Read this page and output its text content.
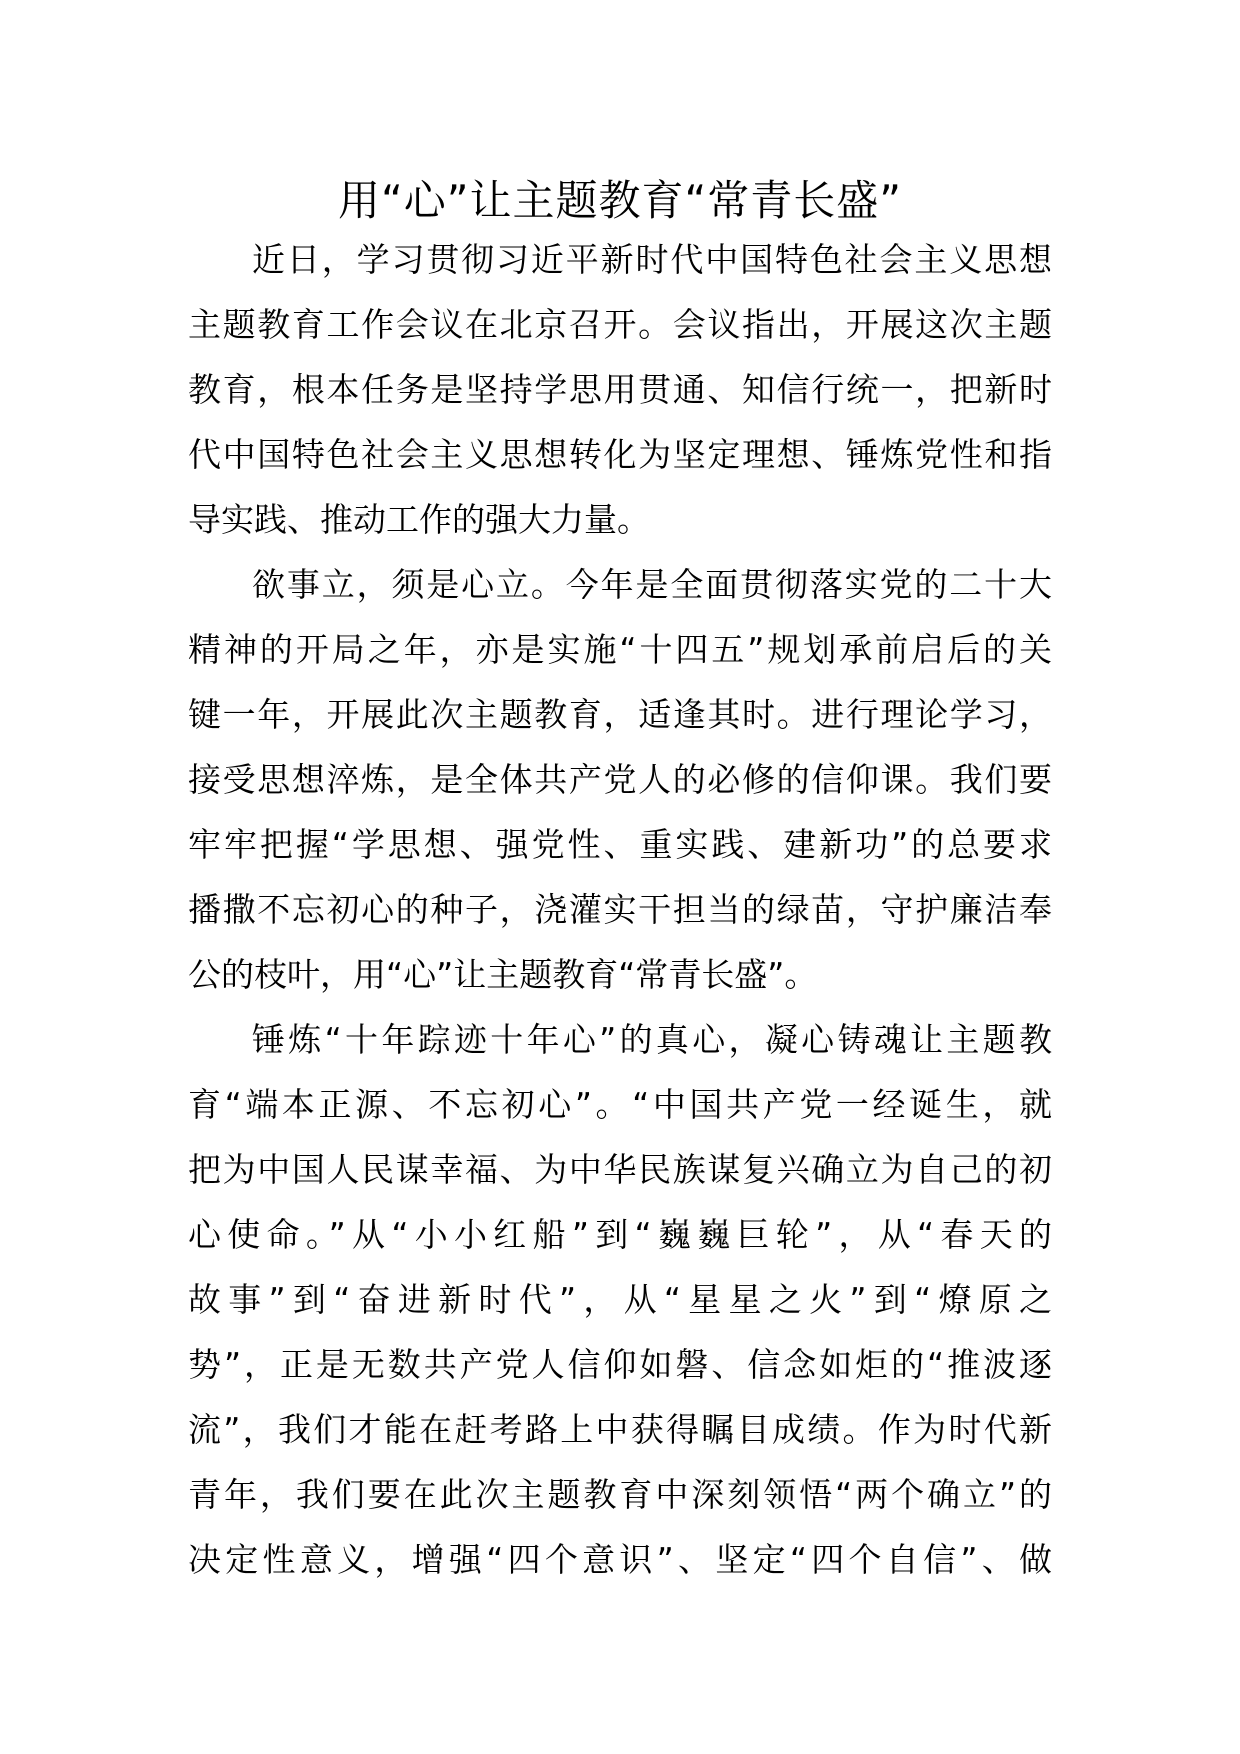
用“心”让主题教育“常青长盛”
近日，学习贯彻习近平新时代中国特色社会主义思想
主题教育工作会议在北京召开。会议指出，开展这次主题
教育，根本任务是坚持学思用贯通、知信行统一，把新时
代中国特色社会主义思想转化为坚定理想、锤炼党性和指
导实践、推动工作的强大力量。
欲事立，须是心立。今年是全面贯彻落实党的二十大
精神的开局之年，亦是实施“十四五”规划承前启后的关
键一年，开展此次主题教育，适逢其时。进行理论学习，
接受思想淬炼，是全体共产党人的必修的信仰课。我们要
牢牢把握“学思想、强党性、重实践、建新功”的总要求
播撒不忘初心的种子，浇灌实干担当的绿苗，守护廉洁奉
公的枝叶，用“心”让主题教育“常青长盛”。
锤炼“十年踪迹十年心”的真心，凝心铸魂让主题教
育“端本正源、不忘初心”。“中国共产党一经诞生，就
把为中国人民谋幸福、为中华民族谋复兴确立为自己的初
心使命。”从“小小红船”到“巍巍巨轮”，从“春天的
故事”到“奋进新时代”，从“星星之火”到“燎原之
势”，正是无数共产党人信仰如磐、信念如炬的“推波逐
流”，我们才能在赶考路上中获得瞩目成绩。作为时代新
青年，我们要在此次主题教育中深刻领悟“两个确立”的
决定性意义，增强“四个意识”、坚定“四个自信”、做
